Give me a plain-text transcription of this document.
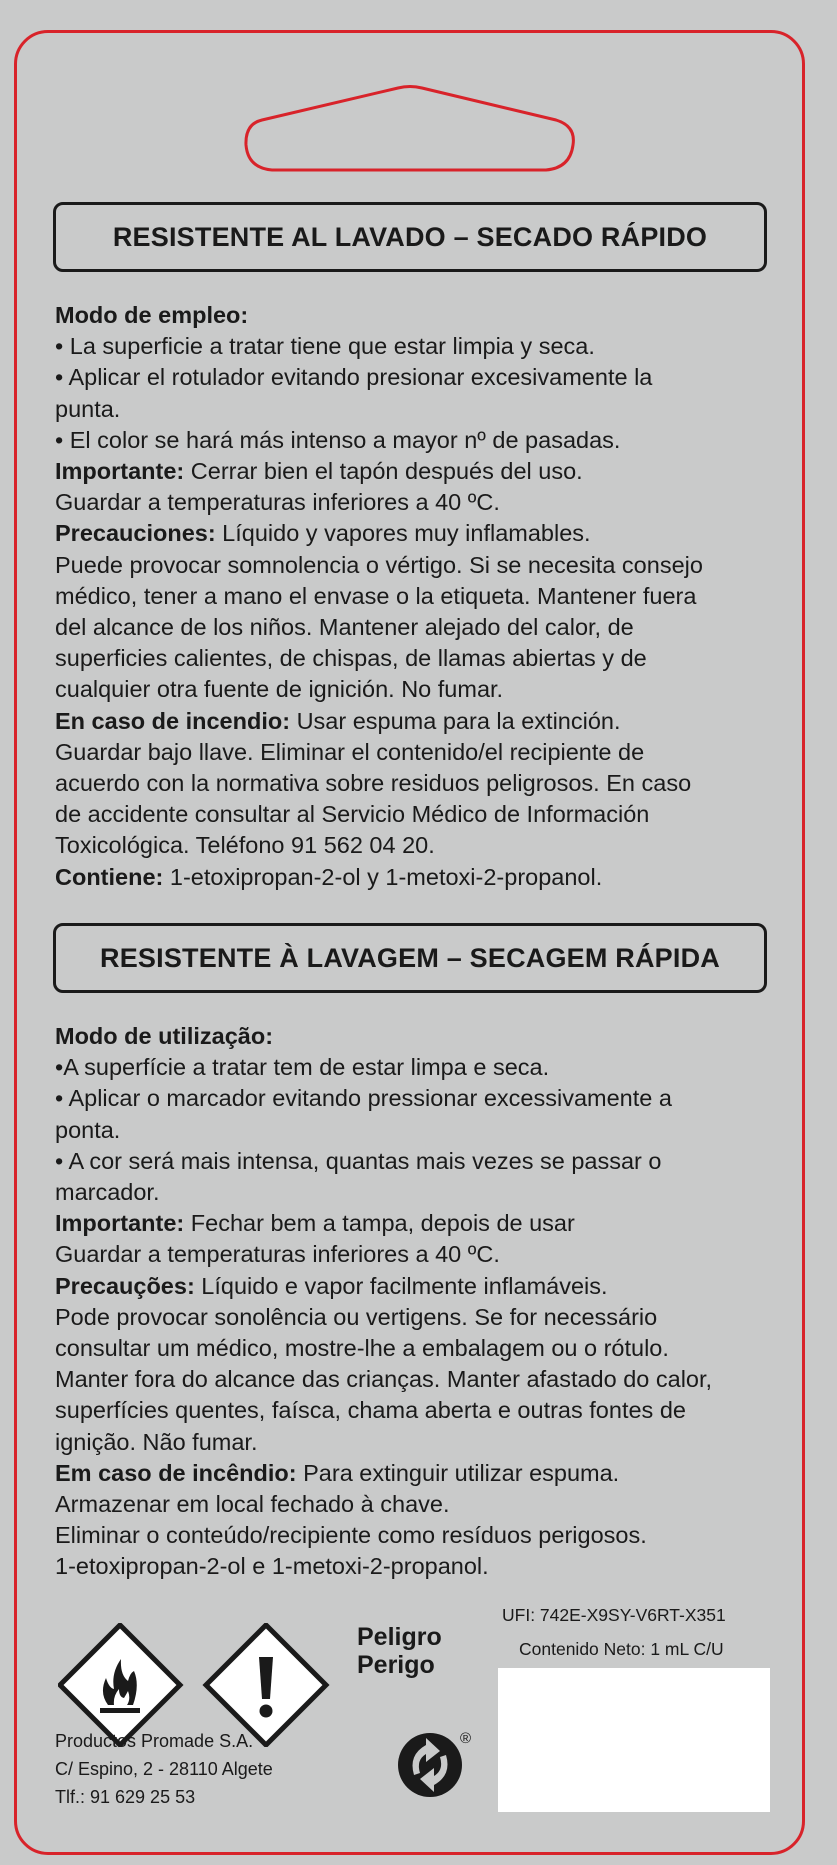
RESISTENTE AL LAVADO – SECADO RÁPIDO

Modo de empleo:

• La superficie a tratar tiene que estar limpia y seca.

• Aplicar el rotulador evitando presionar excesivamente la

punta.

• El color se hará más intenso a mayor nº de pasadas.

Importante: Cerrar bien el tapón después del uso.

Guardar a temperaturas inferiores a 40 ºC.

Precauciones: Líquido y vapores muy inflamables.

Puede provocar somnolencia o vértigo. Si se necesita consejo

médico, tener a mano el envase o la etiqueta. Mantener fuera

del alcance de los niños. Mantener alejado del calor, de

superficies calientes, de chispas, de llamas abiertas y de

cualquier otra fuente de ignición. No fumar.

En caso de incendio: Usar espuma para la extinción.

Guardar bajo llave. Eliminar el contenido/el recipiente de

acuerdo con la normativa sobre residuos peligrosos. En caso

de accidente consultar al Servicio Médico de Información

Toxicológica. Teléfono 91 562 04 20.

Contiene: 1-etoxipropan-2-ol y 1-metoxi-2-propanol.

RESISTENTE À LAVAGEM – SECAGEM RÁPIDA

Modo de utilização:

•A superfície a tratar tem de estar limpa e seca.

• Aplicar o marcador evitando pressionar excessivamente a

ponta.

• A cor será mais intensa, quantas mais vezes se passar o

marcador.

Importante: Fechar bem a tampa, depois de usar

Guardar a temperaturas inferiores a 40 ºC.

Precauções: Líquido e vapor facilmente inflamáveis.

Pode provocar sonolência ou vertigens. Se for necessário

consultar um médico, mostre-lhe a embalagem ou o rótulo.

Manter fora do alcance das crianças. Manter afastado do calor,

superfícies quentes, faísca, chama aberta e outras fontes de

ignição. Não fumar.

Em caso de incêndio: Para extinguir utilizar espuma.

Armazenar em local fechado à chave.

Eliminar o conteúdo/recipiente como resíduos perigosos.

1-etoxipropan-2-ol e 1-metoxi-2-propanol.

Peligro
Perigo
UFI: 742E-X9SY-V6RT-X351
Contenido Neto: 1 mL C/U

Productos Promade S.A.

C/ Espino, 2 - 28110 Algete

Tlf.: 91 629 25 53

®
